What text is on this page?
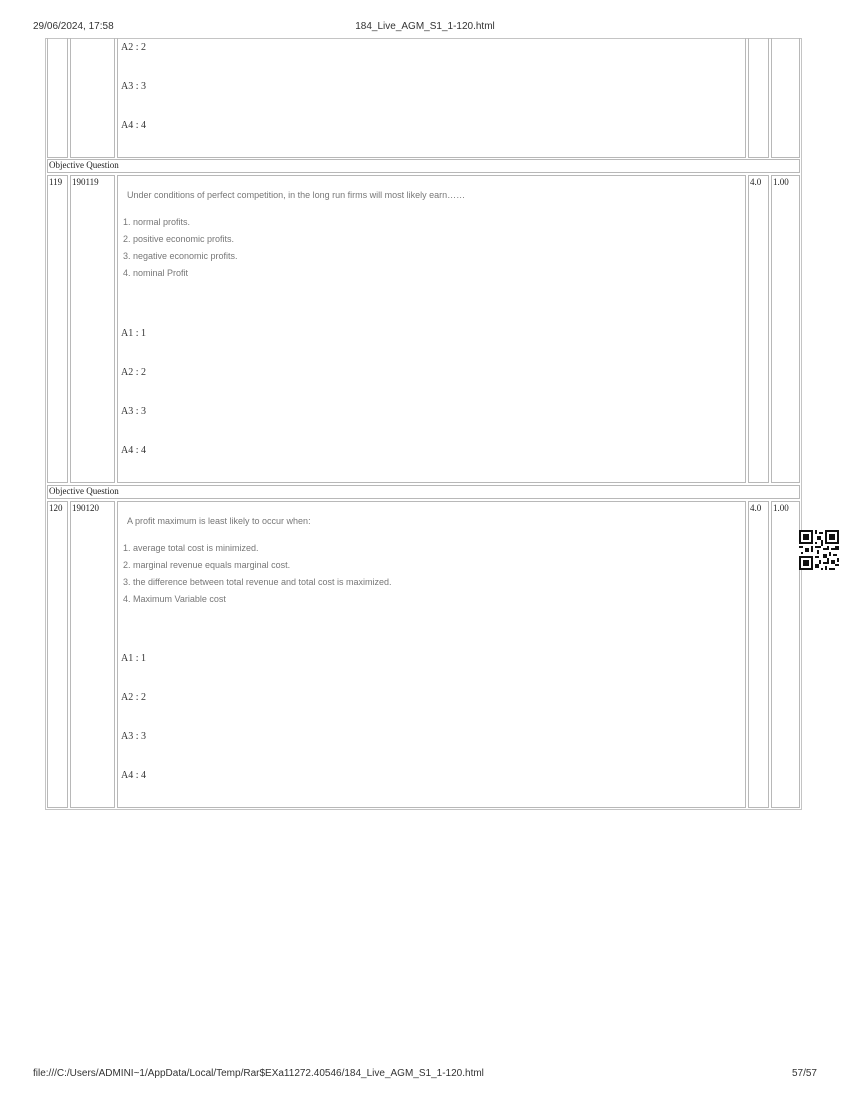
29/06/2024, 17:58	184_Live_AGM_S1_1-120.html
A2 : 2
A3 : 3
A4 : 4
Objective Question
119 190119
Under conditions of perfect competition, in the long run firms will most likely earn……
1. normal profits.
2. positive economic profits.
3. negative economic profits.
4. nominal Profit
A1 : 1
A2 : 2
A3 : 3
A4 : 4
4.0 1.00
Objective Question
120 190120
A profit maximum is least likely to occur when:
1. average total cost is minimized.
2. marginal revenue equals marginal cost.
3. the difference between total revenue and total cost is maximized.
4. Maximum Variable cost
A1 : 1
A2 : 2
A3 : 3
A4 : 4
4.0 1.00
file:///C:/Users/ADMINI~1/AppData/Local/Temp/Rar$EXa11272.40546/184_Live_AGM_S1_1-120.html	57/57
